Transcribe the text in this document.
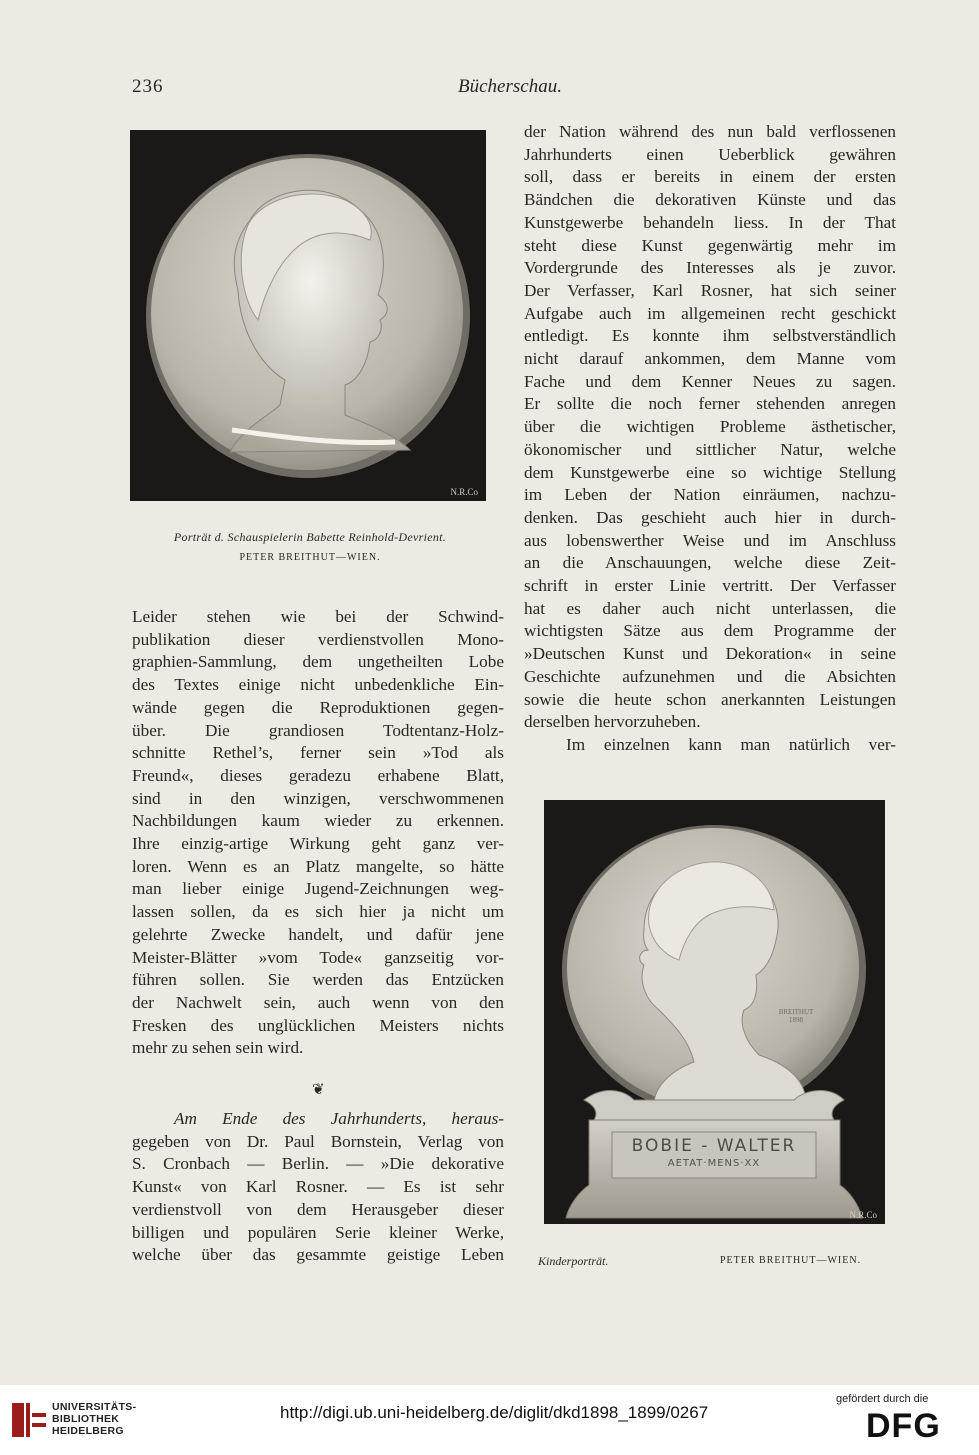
236	Bücherschau.
N.R.Co
Porträt d. Schauspielerin Babette Reinhold-Devrient.
PETER BREITHUT—WIEN.
Leider stehen wie bei der Schwind-
publikation dieser verdienstvollen Mono-
graphien-Sammlung, dem ungetheilten Lobe
des Textes einige nicht unbedenkliche Ein-
wände gegen die Reproduktionen gegen-
über. Die grandiosen Todtentanz-Holz-
schnitte Rethel’s, ferner sein »Tod als
Freund«, dieses geradezu erhabene Blatt,
sind in den winzigen, verschwommenen
Nachbildungen kaum wieder zu erkennen.
Ihre einzig-artige Wirkung geht ganz ver-
loren. Wenn es an Platz mangelte, so hätte
man lieber einige Jugend-Zeichnungen weg-
lassen sollen, da es sich hier ja nicht um
gelehrte Zwecke handelt, und dafür jene
Meister-Blätter »vom Tode« ganzseitig vor-
führen sollen. Sie werden das Entzücken
der Nachwelt sein, auch wenn von den
Fresken des unglücklichen Meisters nichts
mehr zu sehen sein wird.
❦
Am Ende des Jahrhunderts, heraus-
gegeben von Dr. Paul Bornstein, Verlag von
S. Cronbach — Berlin. — »Die dekorative
Kunst« von Karl Rosner. — Es ist sehr
verdienstvoll von dem Herausgeber dieser
billigen und populären Serie kleiner Werke,
welche über das gesammte geistige Leben
der Nation während des nun bald verflossenen
Jahrhunderts einen Ueberblick gewähren
soll, dass er bereits in einem der ersten
Bändchen die dekorativen Künste und das
Kunstgewerbe behandeln liess. In der That
steht diese Kunst gegenwärtig mehr im
Vordergrunde des Interesses als je zuvor.
Der Verfasser, Karl Rosner, hat sich seiner
Aufgabe auch im allgemeinen recht geschickt
entledigt. Es konnte ihm selbstverständlich
nicht darauf ankommen, dem Manne vom
Fache und dem Kenner Neues zu sagen.
Er sollte die noch ferner stehenden anregen
über die wichtigen Probleme ästhetischer,
ökonomischer und sittlicher Natur, welche
dem Kunstgewerbe eine so wichtige Stellung
im Leben der Nation einräumen, nachzu-
denken. Das geschieht auch hier in durch-
aus lobenswerther Weise und im Anschluss
an die Anschauungen, welche diese Zeit-
schrift in erster Linie vertritt. Der Verfasser
hat es daher auch nicht unterlassen, die
wichtigsten Sätze aus dem Programme der
»Deutschen Kunst und Dekoration« in seine
Geschichte aufzunehmen und die Absichten
sowie die heute schon anerkannten Leistungen
derselben hervorzuheben.
Im einzelnen kann man natürlich ver-
BOBIE - WALTER
AETAT·MENS·XX
BREITHUT 1898
N.R.Co
Kinderporträt.	PETER BREITHUT—WIEN.
UNIVERSITÄTS-
BIBLIOTHEK
HEIDELBERG
http://digi.ub.uni-heidelberg.de/diglit/dkd1898_1899/0267
gefördert durch die
DFG
